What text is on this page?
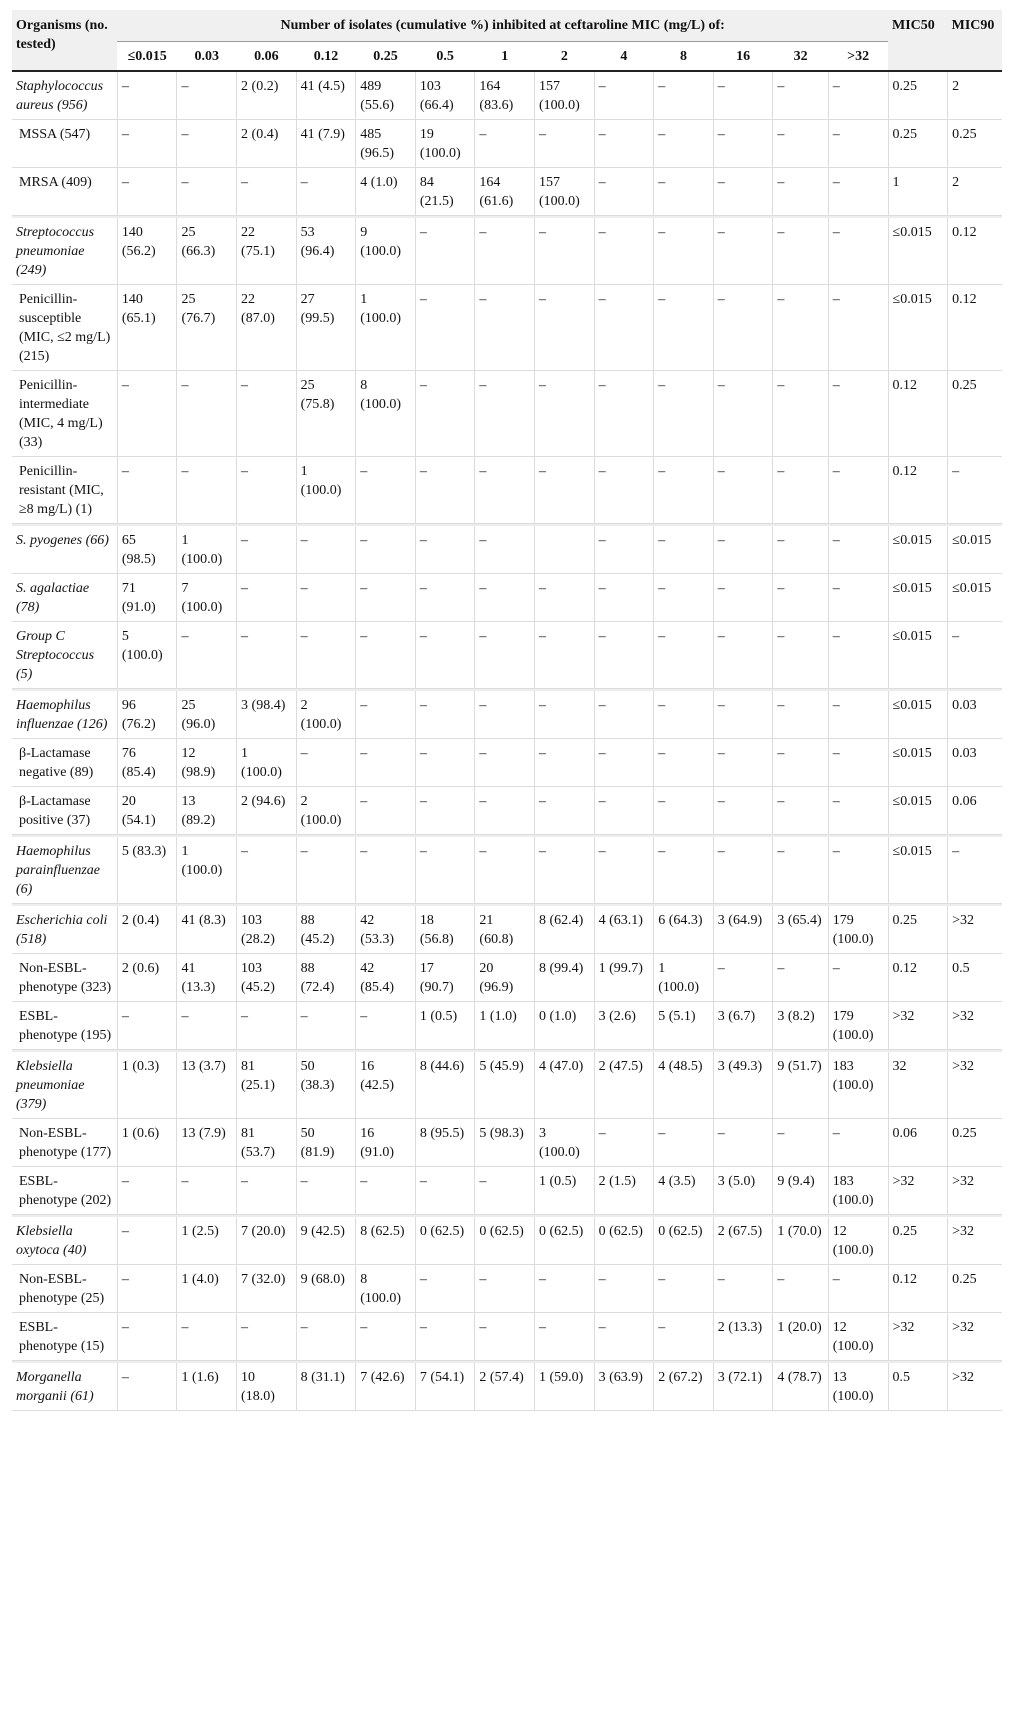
Organisms (no. tested)	Number of isolates (cumulative %) inhibited at ceftaroline MIC (mg/L) of:													MIC50	MIC90
	≤0.015	0.03	0.06	0.12	0.25	0.5	1	2	4	8	16	32	>32		
Staphylococcus aureus (956)	–	–	2 (0.2)	41 (4.5)	489 (55.6)	103 (66.4)	164 (83.6)	157 (100.0)	–	–	–	–	–	0.25	2
MSSA (547)	–	–	2 (0.4)	41 (7.9)	485 (96.5)	19 (100.0)	–	–	–	–	–	–	–	0.25	0.25
MRSA (409)	–	–	–	–	4 (1.0)	84 (21.5)	164 (61.6)	157 (100.0)	–	–	–	–	–	1	2

Streptococcus pneumoniae (249)	140 (56.2)	25 (66.3)	22 (75.1)	53 (96.4)	9 (100.0)	–	–	–	–	–	–	–	–	≤0.015	0.12
Penicillin-susceptible (MIC, ≤2 mg/L) (215)	140 (65.1)	25 (76.7)	22 (87.0)	27 (99.5)	1 (100.0)	–	–	–	–	–	–	–	–	≤0.015	0.12
Penicillin-intermediate (MIC, 4 mg/L) (33)	–	–	–	25 (75.8)	8 (100.0)	–	–	–	–	–	–	–	–	0.12	0.25
Penicillin-resistant (MIC, ≥8 mg/L) (1)	–	–	–	1 (100.0)	–	–	–	–	–	–	–	–	–	0.12	–

S. pyogenes (66)	65 (98.5)	1 (100.0)	–	–	–	–	–		–	–	–	–	–	≤0.015	≤0.015
S. agalactiae (78)	71 (91.0)	7 (100.0)	–	–	–	–	–	–	–	–	–	–	–	≤0.015	≤0.015
Group C Streptococcus (5)	5 (100.0)	–	–	–	–	–	–	–	–	–	–	–	–	≤0.015	–

Haemophilus influenzae (126)	96 (76.2)	25 (96.0)	3 (98.4)	2 (100.0)	–	–	–	–	–	–	–	–	–	≤0.015	0.03
β-Lactamase negative (89)	76 (85.4)	12 (98.9)	1 (100.0)	–	–	–	–	–	–	–	–	–	–	≤0.015	0.03
β-Lactamase positive (37)	20 (54.1)	13 (89.2)	2 (94.6)	2 (100.0)	–	–	–	–	–	–	–	–	–	≤0.015	0.06

Haemophilus parainfluenzae (6)	5 (83.3)	1 (100.0)	–	–	–	–	–	–	–	–	–	–	–	≤0.015	–

Escherichia coli (518)	2 (0.4)	41 (8.3)	103 (28.2)	88 (45.2)	42 (53.3)	18 (56.8)	21 (60.8)	8 (62.4)	4 (63.1)	6 (64.3)	3 (64.9)	3 (65.4)	179 (100.0)	0.25	>32
Non-ESBL-phenotype (323)	2 (0.6)	41 (13.3)	103 (45.2)	88 (72.4)	42 (85.4)	17 (90.7)	20 (96.9)	8 (99.4)	1 (99.7)	1 (100.0)	–	–	–	0.12	0.5
ESBL-phenotype (195)	–	–	–	–	–	1 (0.5)	1 (1.0)	0 (1.0)	3 (2.6)	5 (5.1)	3 (6.7)	3 (8.2)	179 (100.0)	>32	>32

Klebsiella pneumoniae (379)	1 (0.3)	13 (3.7)	81 (25.1)	50 (38.3)	16 (42.5)	8 (44.6)	5 (45.9)	4 (47.0)	2 (47.5)	4 (48.5)	3 (49.3)	9 (51.7)	183 (100.0)	32	>32
Non-ESBL-phenotype (177)	1 (0.6)	13 (7.9)	81 (53.7)	50 (81.9)	16 (91.0)	8 (95.5)	5 (98.3)	3 (100.0)	–	–	–	–	–	0.06	0.25
ESBL-phenotype (202)	–	–	–	–	–	–	–	1 (0.5)	2 (1.5)	4 (3.5)	3 (5.0)	9 (9.4)	183 (100.0)	>32	>32

Klebsiella oxytoca (40)	–	1 (2.5)	7 (20.0)	9 (42.5)	8 (62.5)	0 (62.5)	0 (62.5)	0 (62.5)	0 (62.5)	0 (62.5)	2 (67.5)	1 (70.0)	12 (100.0)	0.25	>32
Non-ESBL-phenotype (25)	–	1 (4.0)	7 (32.0)	9 (68.0)	8 (100.0)	–	–	–	–	–	–	–	–	0.12	0.25
ESBL-phenotype (15)	–	–	–	–	–	–	–	–	–	–	2 (13.3)	1 (20.0)	12 (100.0)	>32	>32

Morganella morganii (61)	–	1 (1.6)	10 (18.0)	8 (31.1)	7 (42.6)	7 (54.1)	2 (57.4)	1 (59.0)	3 (63.9)	2 (67.2)	3 (72.1)	4 (78.7)	13 (100.0)	0.5	>32
